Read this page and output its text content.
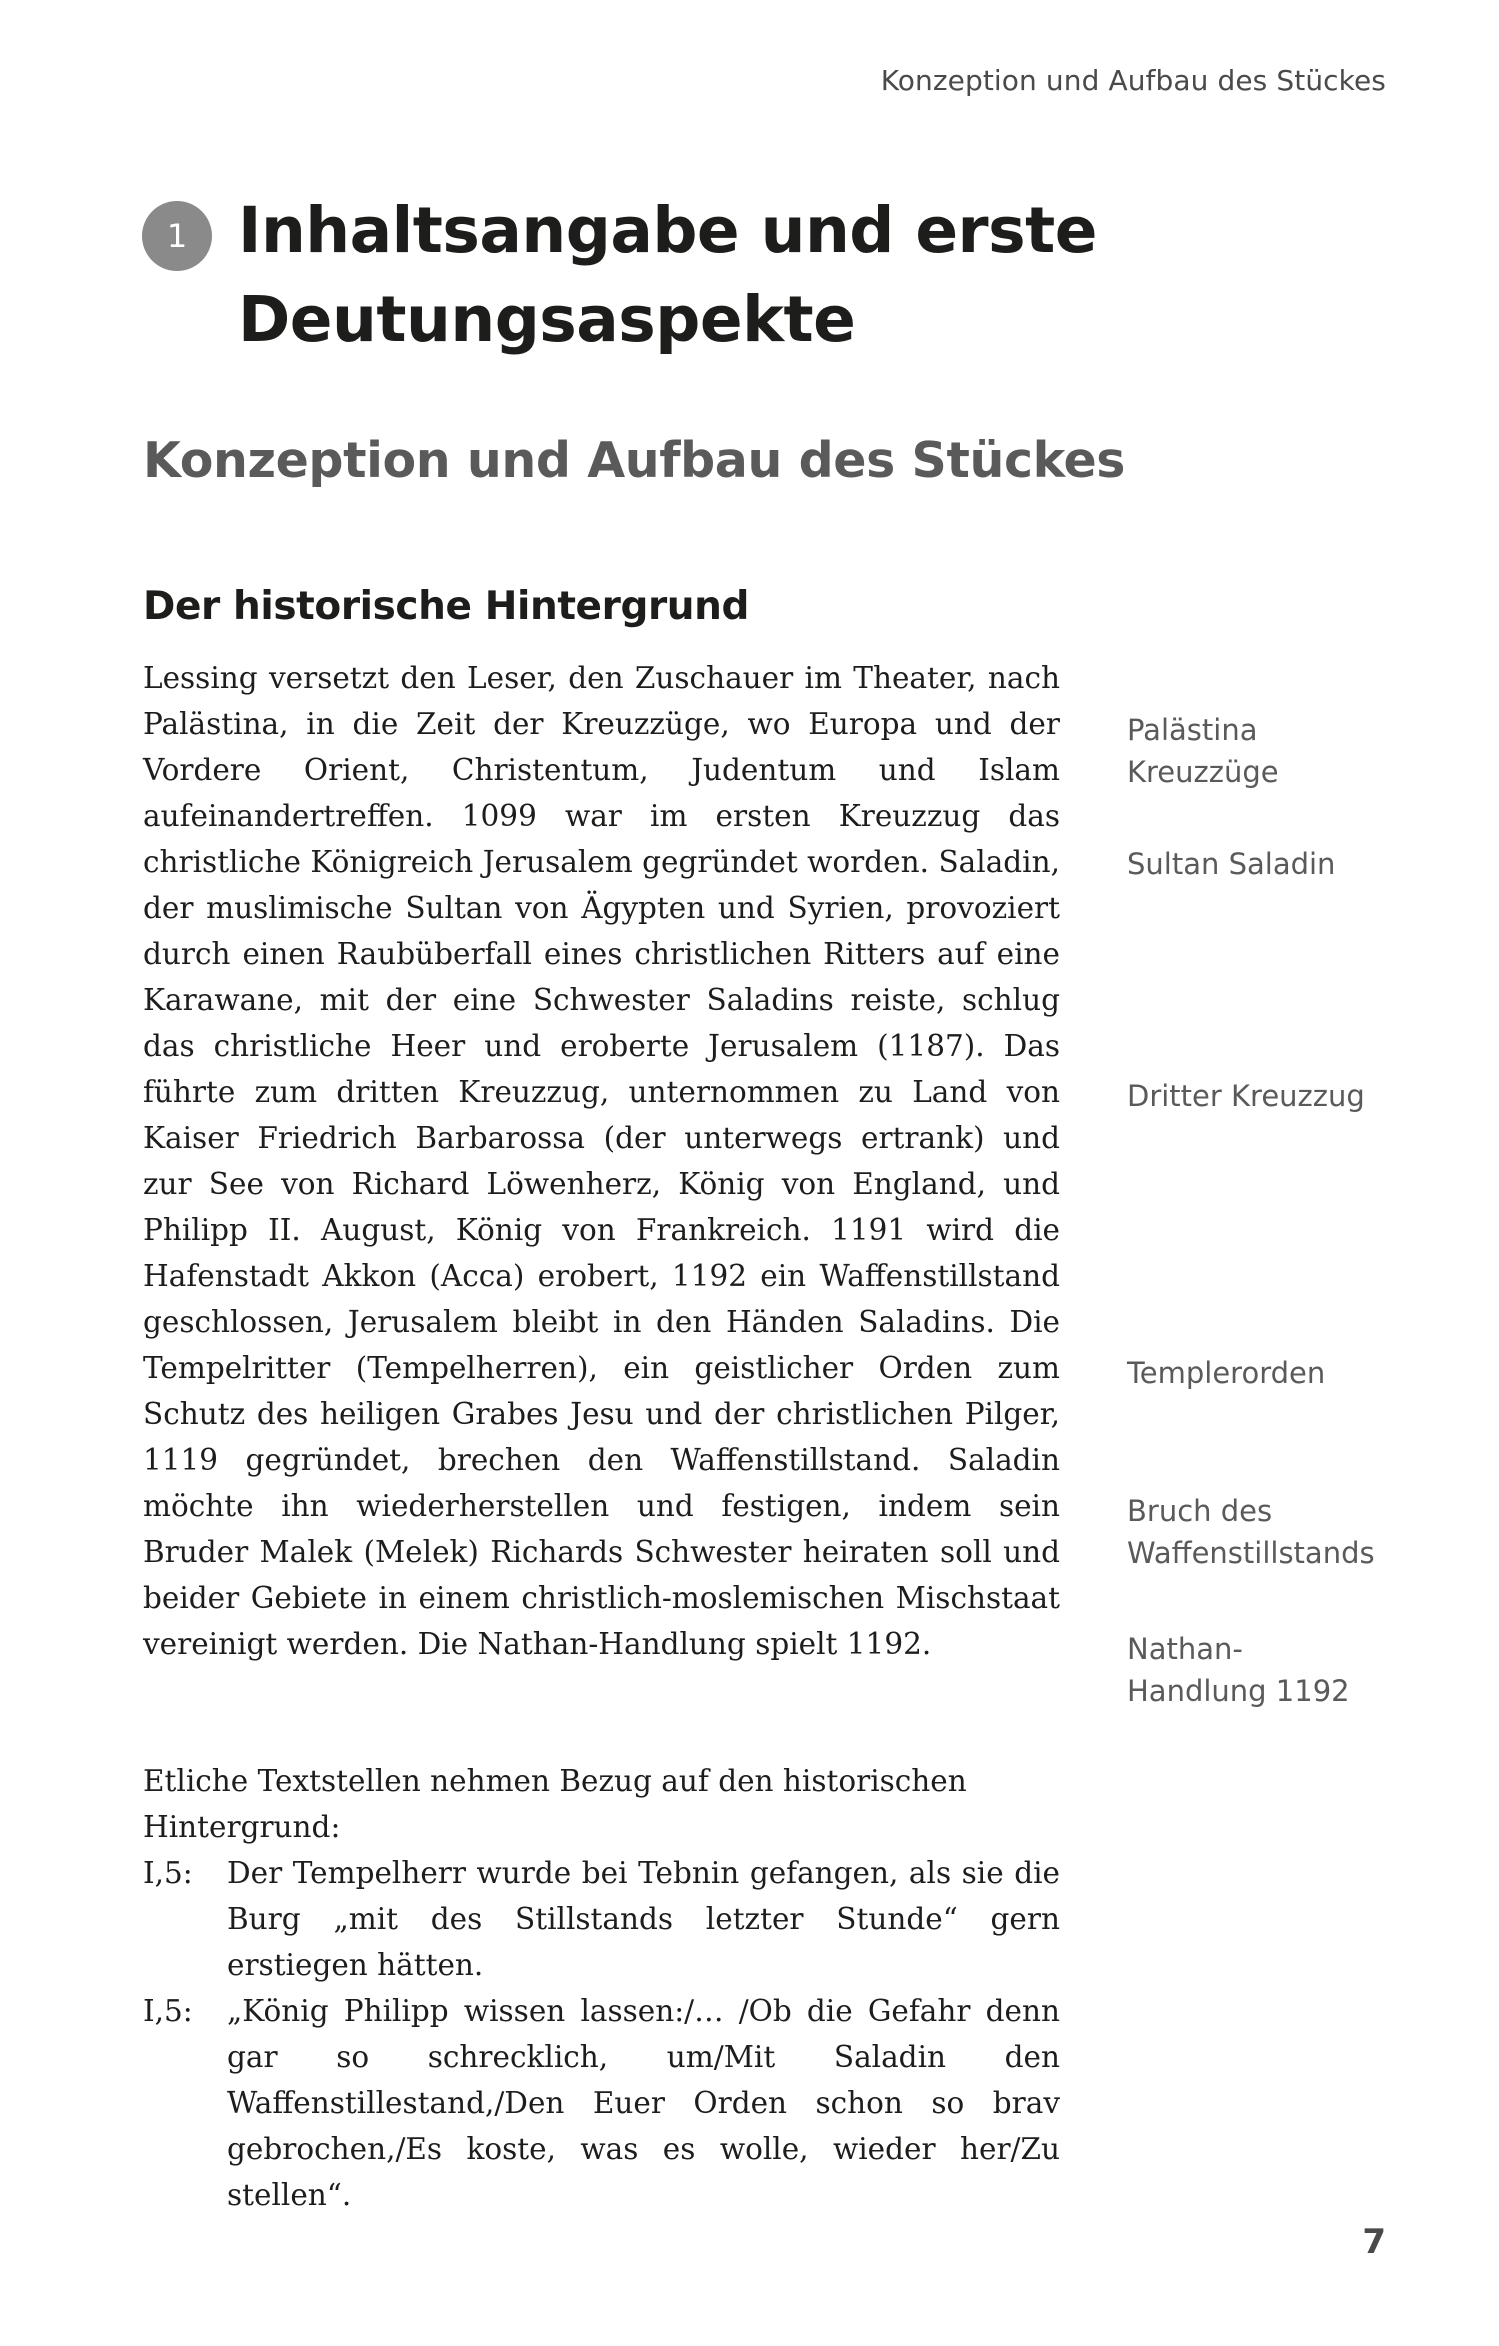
Konzeption und Aufbau des Stückes
1 Inhaltsangabe und erste Deutungsaspekte
Konzeption und Aufbau des Stückes
Der historische Hintergrund

Lessing versetzt den Leser, den Zuschauer im Theater, nach Palästina, in die Zeit der Kreuzzüge, wo Europa und der Vordere Orient, Christentum, Judentum und Islam aufeinandertreffen. 1099 war im ersten Kreuzzug das christliche Königreich Jerusalem gegründet worden. Saladin, der muslimische Sultan von Ägypten und Syrien, provoziert durch einen Raubüberfall eines christlichen Ritters auf eine Karawane, mit der eine Schwester Saladins reiste, schlug das christliche Heer und eroberte Jerusalem (1187). Das führte zum dritten Kreuzzug, unternommen zu Land von Kaiser Friedrich Barbarossa (der unterwegs ertrank) und zur See von Richard Löwenherz, König von England, und Philipp II. August, König von Frankreich. 1191 wird die Hafenstadt Akkon (Acca) erobert, 1192 ein Waffenstillstand geschlossen, Jerusalem bleibt in den Händen Saladins. Die Tempelritter (Tempelherren), ein geistlicher Orden zum Schutz des heiligen Grabes Jesu und der christlichen Pilger, 1119 gegründet, brechen den Waffenstillstand. Saladin möchte ihn wiederherstellen und festigen, indem sein Bruder Malek (Melek) Richards Schwester heiraten soll und beider Gebiete in einem christlich-moslemischen Mischstaat vereinigt werden. Die Nathan-Handlung spielt 1192.

Etliche Textstellen nehmen Bezug auf den historischen Hintergrund:

I,5:	Der Tempelherr wurde bei Tebnin gefangen, als sie die Burg „mit des Stillstands letzter Stunde“ gern erstiegen hätten.
I,5:	„König Philipp wissen lassen:/… /Ob die Gefahr denn gar so schrecklich, um/Mit Saladin den Waffenstillestand,/Den Euer Orden schon so brav gebrochen,/Es koste, was es wolle, wieder her/Zu stellen“.
Palästina
Kreuzzüge
Sultan Saladin
Dritter Kreuzzug
Templerorden
Bruch des
Waffenstillstands
Nathan-
Handlung 1192
7
